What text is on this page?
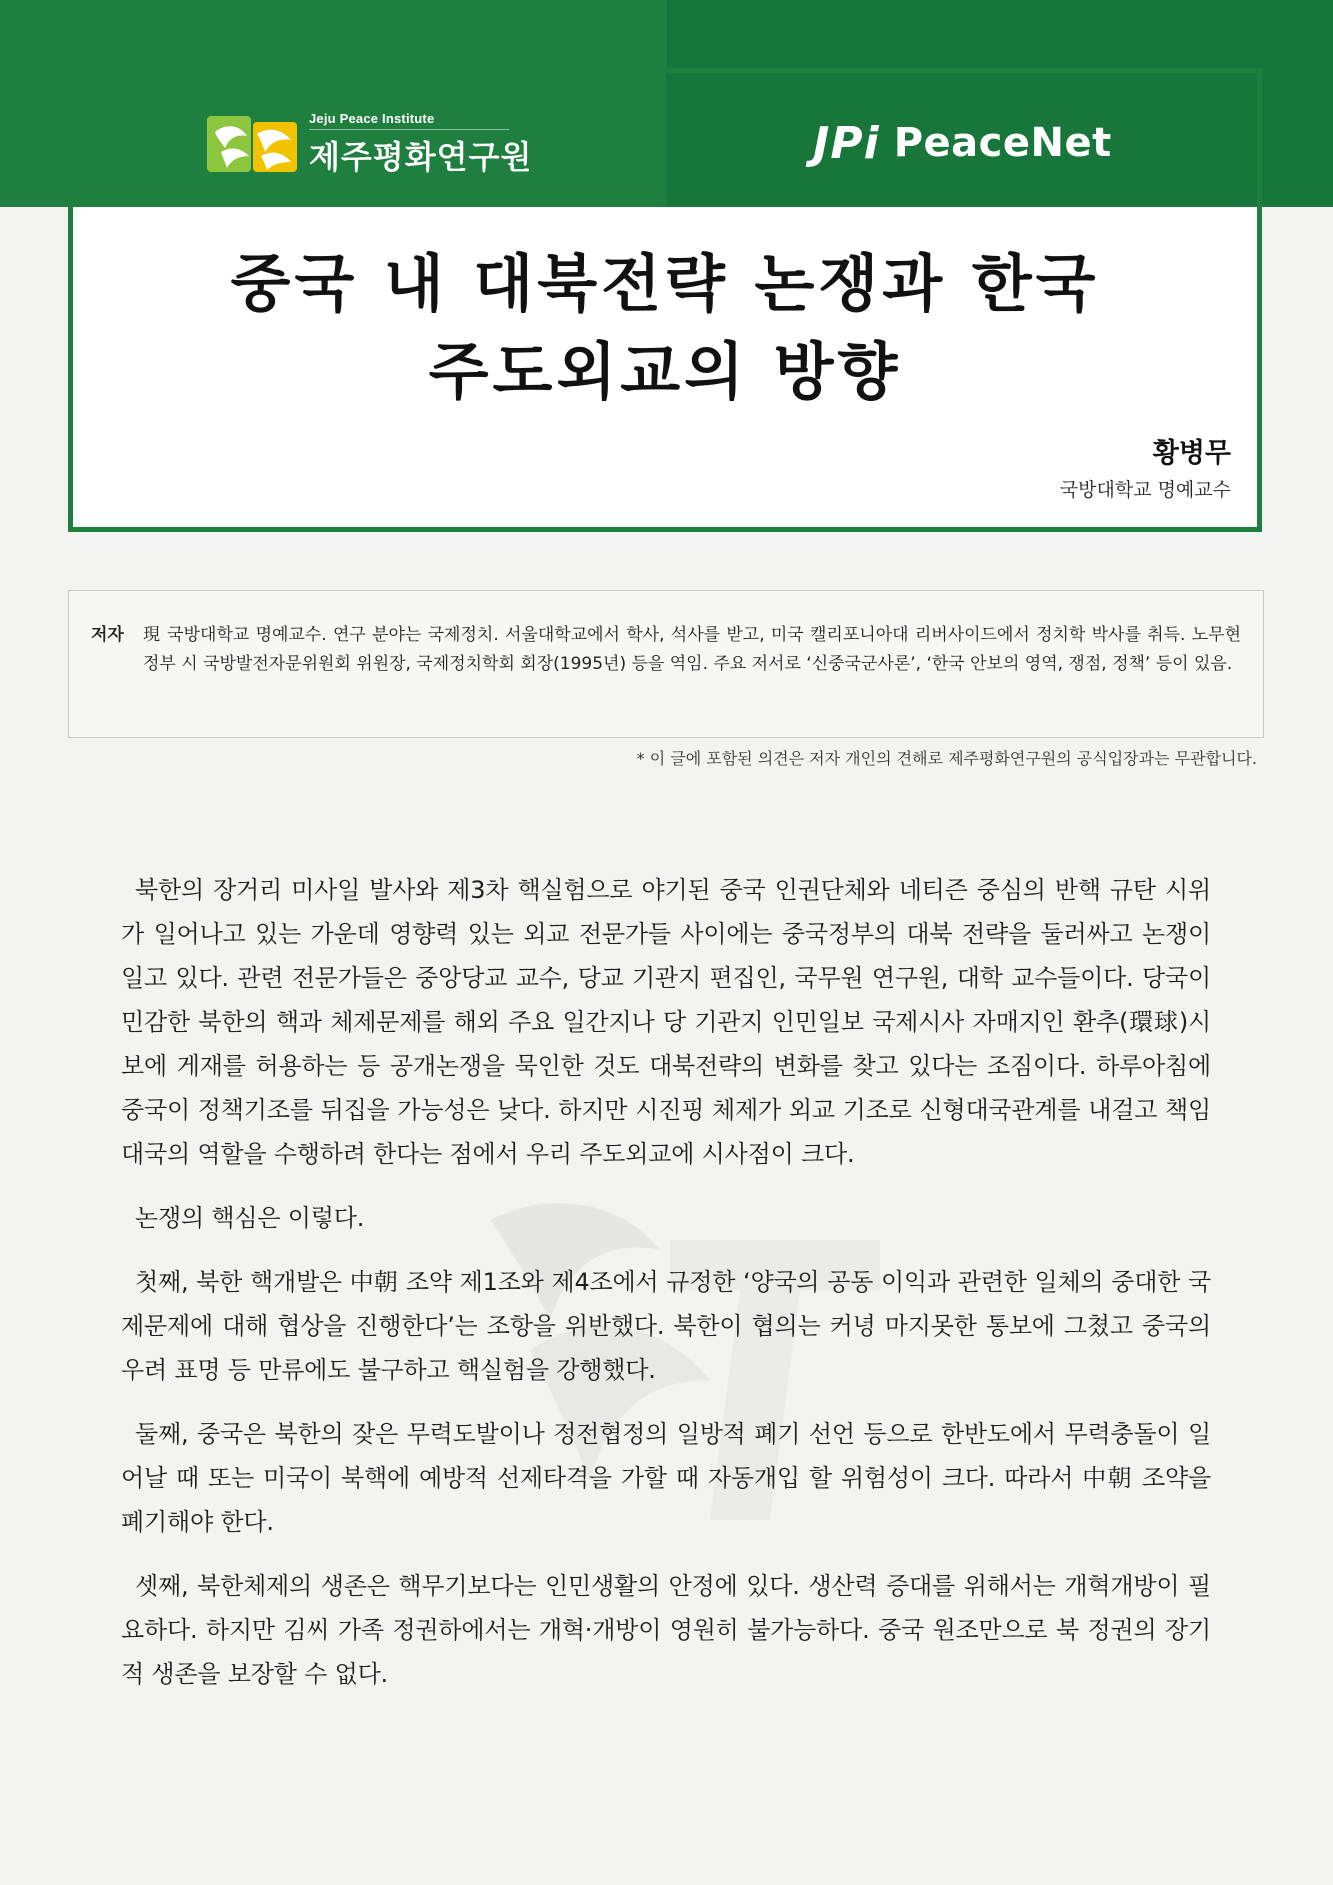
Jeju Peace Institute
제주평화연구원	JPi PeaceNet
중국 내 대북전략 논쟁과 한국
주도외교의 방향
황병무
국방대학교 명예교수
저자	現 국방대학교 명예교수. 연구 분야는 국제정치. 서울대학교에서 학사, 석사를 받고, 미국 캘리포니아대 리버사이드에서 정치학 박사를 취득. 노무현 정부 시 국방발전자문위원회 위원장, 국제정치학회 회장(1995년) 등을 역임. 주요 저서로 ‘신중국군사론’, ‘한국 안보의 영역, 쟁점, 정책’ 등이 있음.
* 이 글에 포함된 의견은 저자 개인의 견해로 제주평화연구원의 공식입장과는 무관합니다.

북한의 장거리 미사일 발사와 제3차 핵실험으로 야기된 중국 인권단체와 네티즌 중심의 반핵 규탄 시위가 일어나고 있는 가운데 영향력 있는 외교 전문가들 사이에는 중국정부의 대북 전략을 둘러싸고 논쟁이 일고 있다. 관련 전문가들은 중앙당교 교수, 당교 기관지 편집인, 국무원 연구원, 대학 교수들이다. 당국이 민감한 북한의 핵과 체제문제를 해외 주요 일간지나 당 기관지 인민일보 국제시사 자매지인 환추(環球)시보에 게재를 허용하는 등 공개논쟁을 묵인한 것도 대북전략의 변화를 찾고 있다는 조짐이다. 하루아침에 중국이 정책기조를 뒤집을 가능성은 낮다. 하지만 시진핑 체제가 외교 기조로 신형대국관계를 내걸고 책임 대국의 역할을 수행하려 한다는 점에서 우리 주도외교에 시사점이 크다.

논쟁의 핵심은 이렇다.

첫째, 북한 핵개발은 中朝 조약 제1조와 제4조에서 규정한 ‘양국의 공동 이익과 관련한 일체의 중대한 국제문제에 대해 협상을 진행한다’는 조항을 위반했다. 북한이 협의는 커녕 마지못한 통보에 그쳤고 중국의 우려 표명 등 만류에도 불구하고 핵실험을 강행했다.

둘째, 중국은 북한의 잦은 무력도발이나 정전협정의 일방적 폐기 선언 등으로 한반도에서 무력충돌이 일어날 때 또는 미국이 북핵에 예방적 선제타격을 가할 때 자동개입 할 위험성이 크다. 따라서 中朝 조약을 폐기해야 한다.

셋째, 북한체제의 생존은 핵무기보다는 인민생활의 안정에 있다. 생산력 증대를 위해서는 개혁개방이 필요하다. 하지만 김씨 가족 정권하에서는 개혁·개방이 영원히 불가능하다. 중국 원조만으로 북 정권의 장기적 생존을 보장할 수 없다.
